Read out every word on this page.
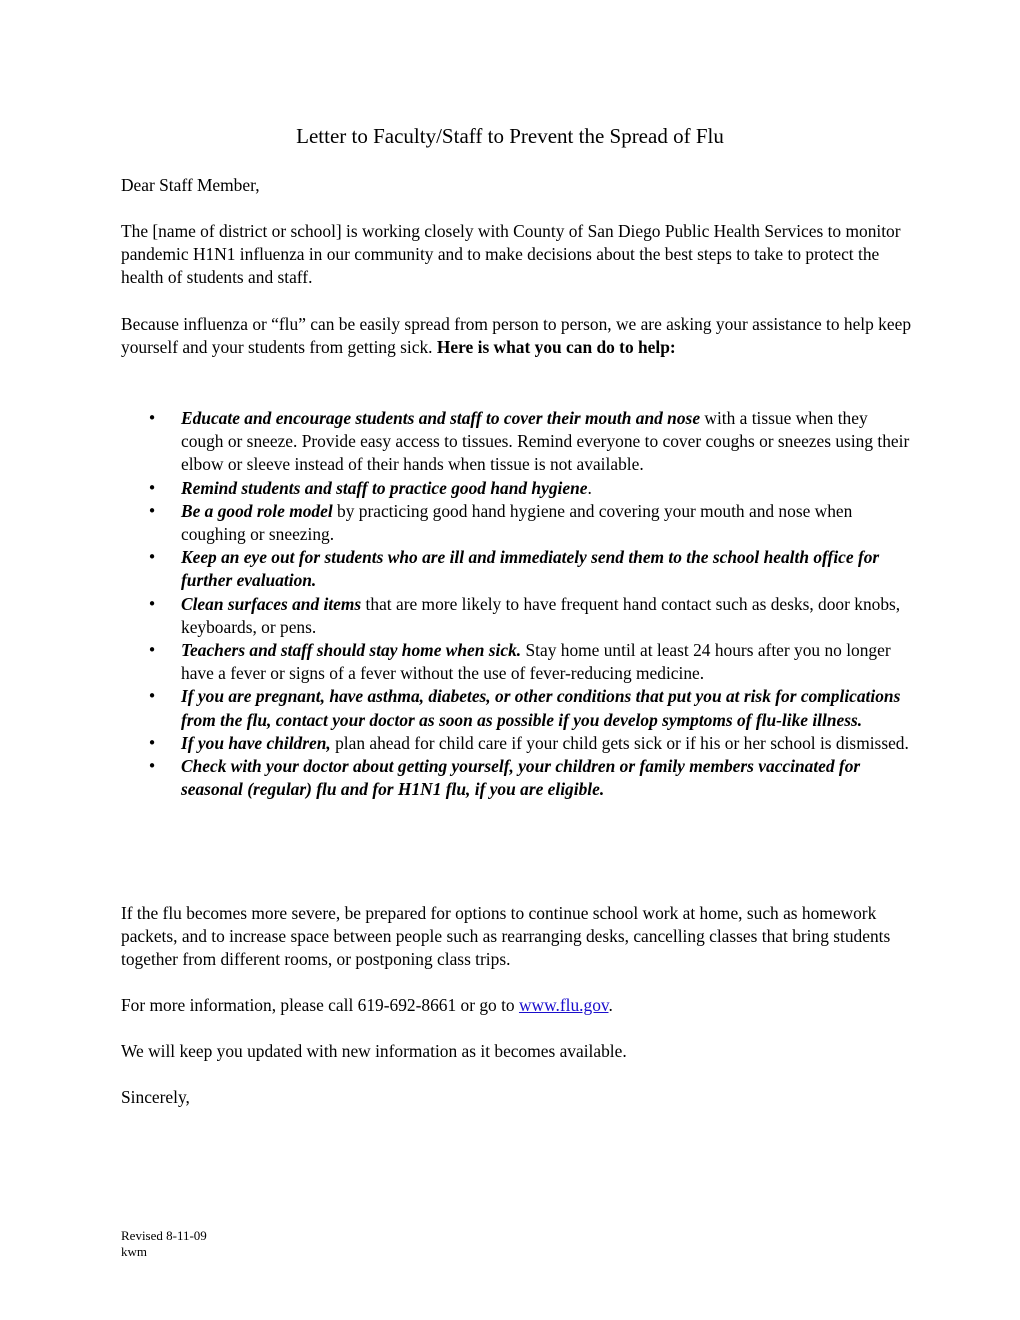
Letter to Faculty/Staff to Prevent the Spread of Flu

Dear Staff Member,

The [name of district or school] is working closely with County of San Diego Public Health Services to monitor pandemic H1N1 influenza in our community and to make decisions about the best steps to take to protect the health of students and staff.

Because influenza or “flu” can be easily spread from person to person, we are asking your assistance to help keep yourself and your students from getting sick. Here is what you can do to help:

•	Educate and encourage students and staff to cover their mouth and nose with a tissue when they cough or sneeze. Provide easy access to tissues. Remind everyone to cover coughs or sneezes using their elbow or sleeve instead of their hands when tissue is not available.
•	Remind students and staff to practice good hand hygiene.
•	Be a good role model by practicing good hand hygiene and covering your mouth and nose when coughing or sneezing.
•	Keep an eye out for students who are ill and immediately send them to the school health office for further evaluation.
•	Clean surfaces and items that are more likely to have frequent hand contact such as desks, door knobs, keyboards, or pens.
•	Teachers and staff should stay home when sick. Stay home until at least 24 hours after you no longer have a fever or signs of a fever without the use of fever-reducing medicine.
•	If you are pregnant, have asthma, diabetes, or other conditions that put you at risk for complications from the flu, contact your doctor as soon as possible if you develop symptoms of flu-like illness.
•	If you have children, plan ahead for child care if your child gets sick or if his or her school is dismissed.
•	Check with your doctor about getting yourself, your children or family members vaccinated for seasonal (regular) flu and for H1N1 flu, if you are eligible.

If the flu becomes more severe, be prepared for options to continue school work at home, such as homework packets, and to increase space between people such as rearranging desks, cancelling classes that bring students together from different rooms, or postponing class trips.

For more information, please call 619-692-8661 or go to www.flu.gov.

We will keep you updated with new information as it becomes available.

Sincerely,

Revised 8-11-09
kwm
